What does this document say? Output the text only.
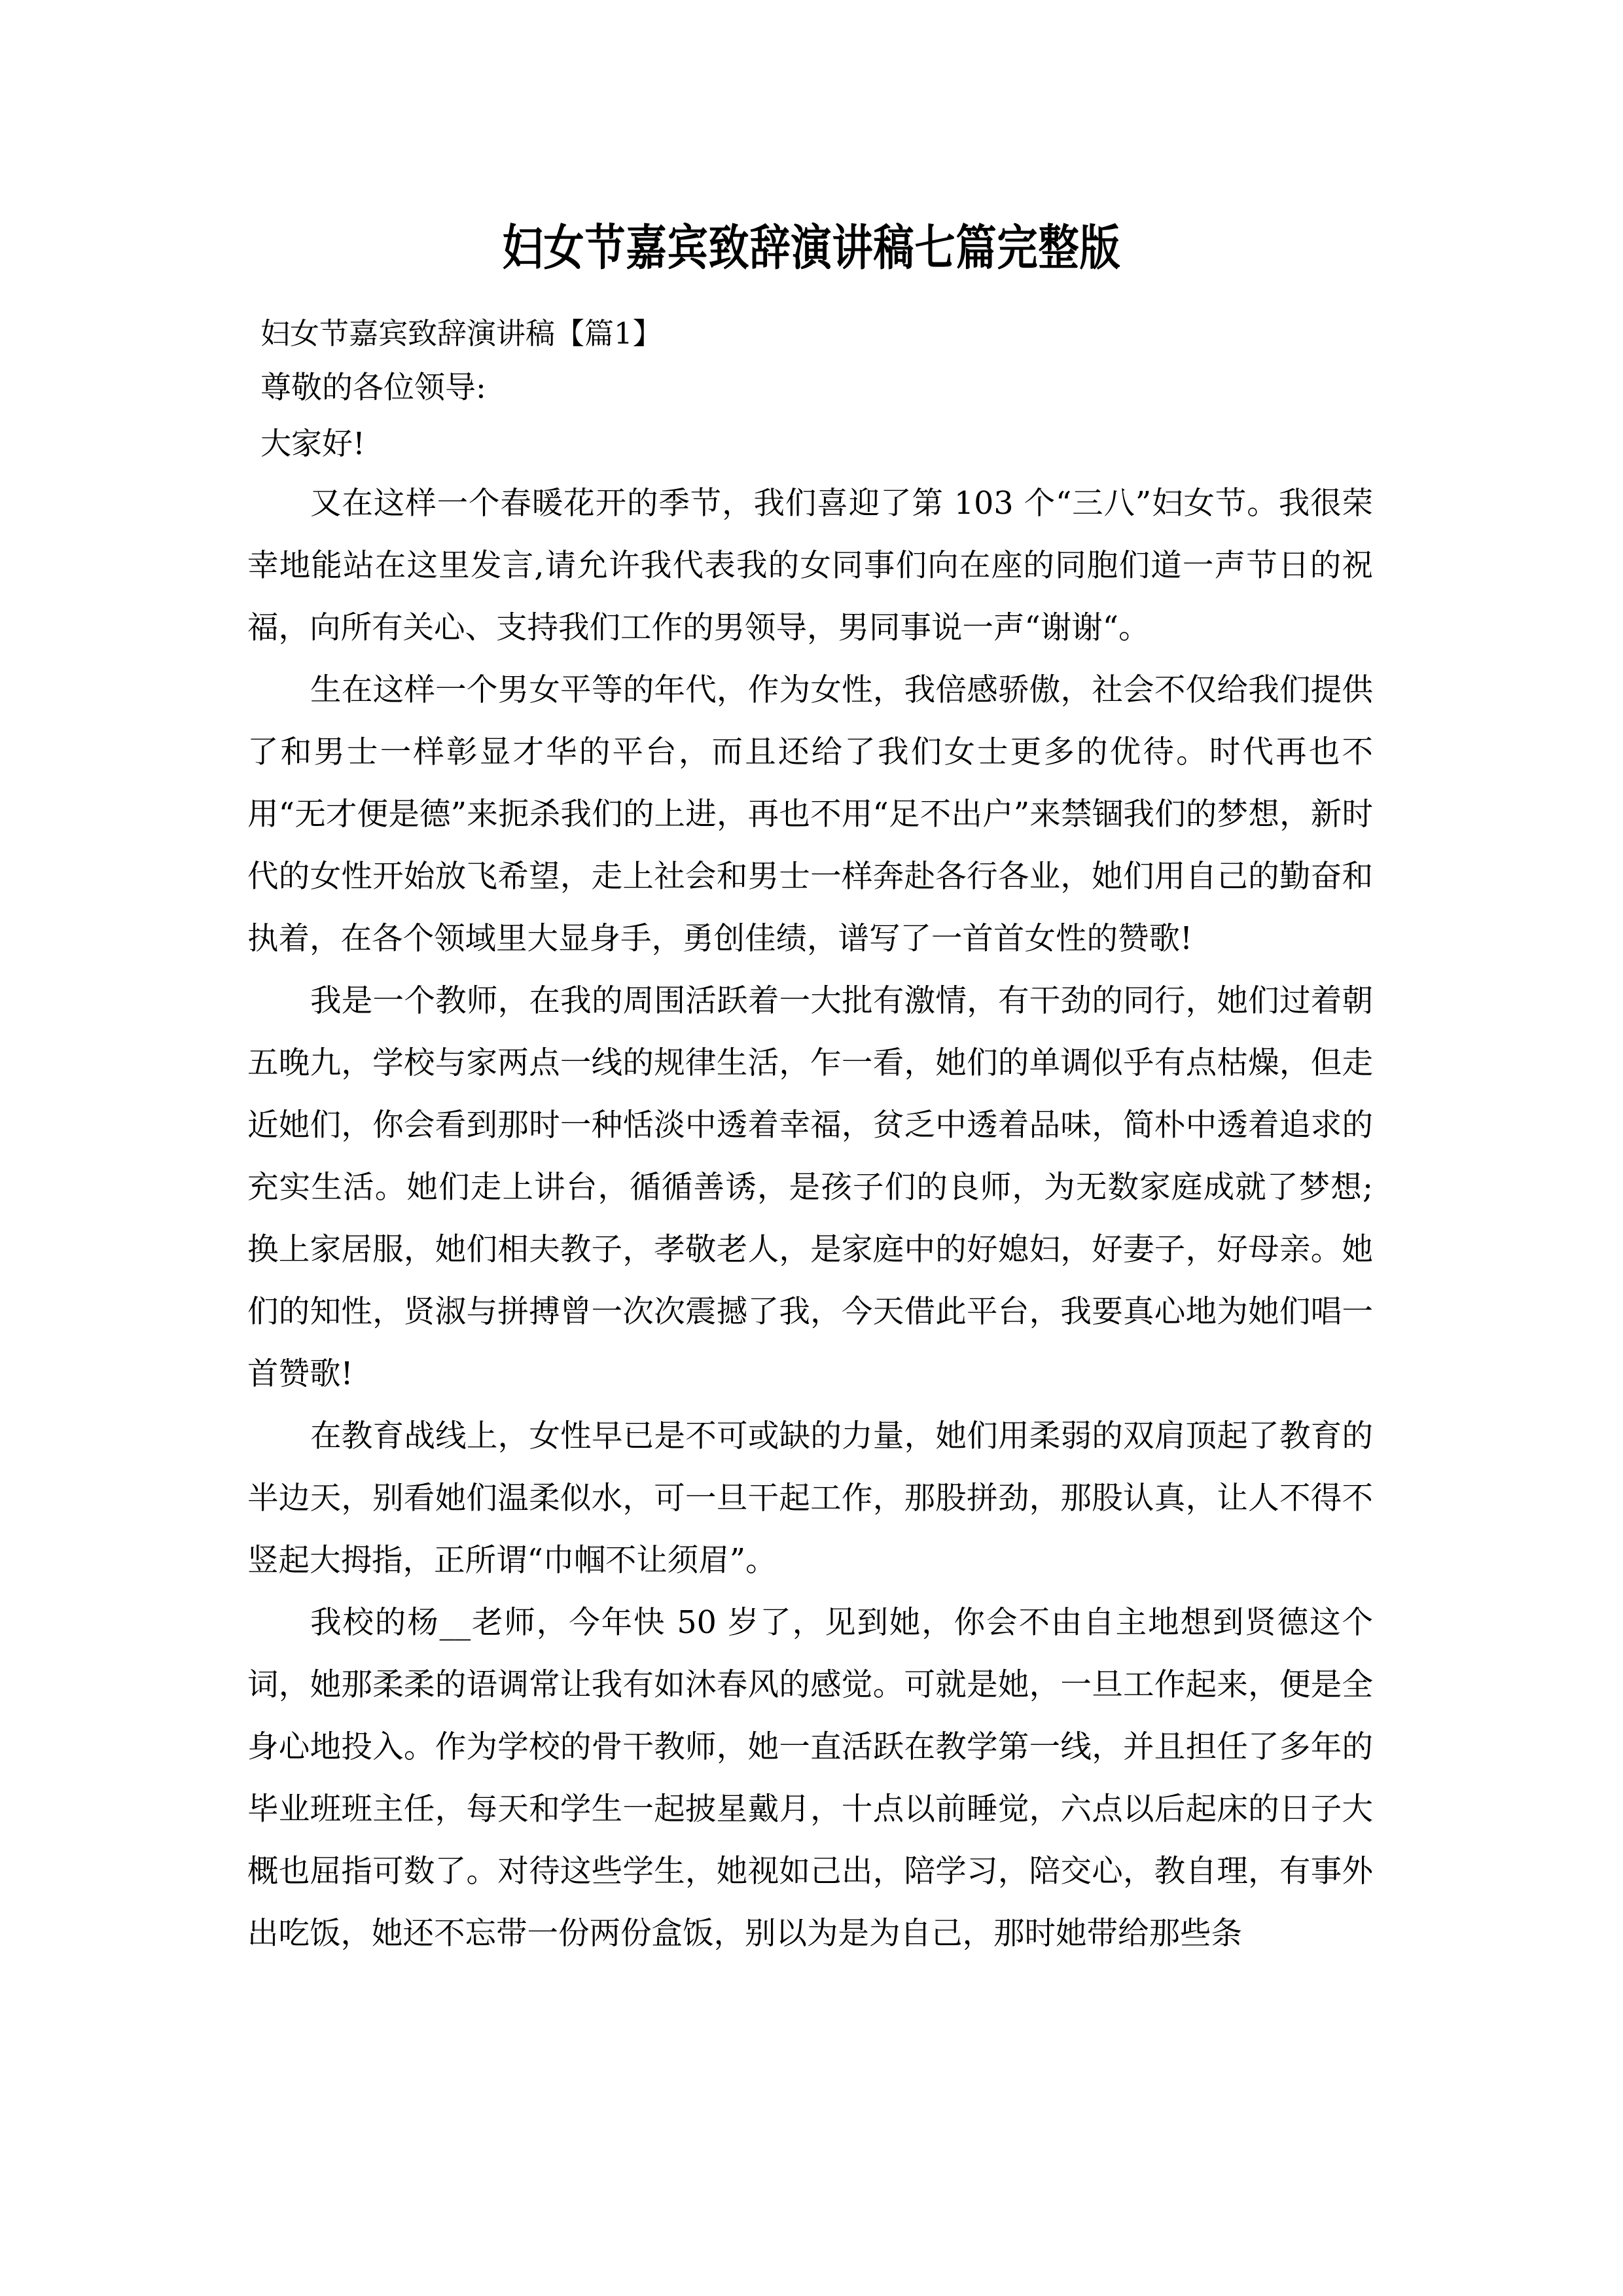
妇女节嘉宾致辞演讲稿七篇完整版

妇女节嘉宾致辞演讲稿【篇1】

尊敬的各位领导:

大家好!

又在这样一个春暖花开的季节，我们喜迎了第 103 个“三八”妇女节。我很荣幸地能站在这里发言,请允许我代表我的女同事们向在座的同胞们道一声节日的祝福，向所有关心、支持我们工作的男领导，男同事说一声“谢谢“。

生在这样一个男女平等的年代，作为女性，我倍感骄傲，社会不仅给我们提供了和男士一样彰显才华的平台，而且还给了我们女士更多的优待。时代再也不用“无才便是德”来扼杀我们的上进，再也不用“足不出户”来禁锢我们的梦想，新时代的女性开始放飞希望，走上社会和男士一样奔赴各行各业，她们用自己的勤奋和执着，在各个领域里大显身手，勇创佳绩，谱写了一首首女性的赞歌!

我是一个教师，在我的周围活跃着一大批有激情，有干劲的同行，她们过着朝五晚九，学校与家两点一线的规律生活，乍一看，她们的单调似乎有点枯燥，但走近她们，你会看到那时一种恬淡中透着幸福，贫乏中透着品味，简朴中透着追求的充实生活。她们走上讲台，循循善诱，是孩子们的良师，为无数家庭成就了梦想;换上家居服，她们相夫教子，孝敬老人，是家庭中的好媳妇，好妻子，好母亲。她们的知性，贤淑与拼搏曾一次次震撼了我，今天借此平台，我要真心地为她们唱一首赞歌!

在教育战线上，女性早已是不可或缺的力量，她们用柔弱的双肩顶起了教育的半边天，别看她们温柔似水，可一旦干起工作，那股拼劲，那股认真，让人不得不竖起大拇指，正所谓“巾帼不让须眉”。

我校的杨__老师，今年快 50 岁了，见到她，你会不由自主地想到贤德这个词，她那柔柔的语调常让我有如沐春风的感觉。可就是她，一旦工作起来，便是全身心地投入。作为学校的骨干教师，她一直活跃在教学第一线，并且担任了多年的毕业班班主任，每天和学生一起披星戴月，十点以前睡觉，六点以后起床的日子大概也屈指可数了。对待这些学生，她视如己出，陪学习，陪交心，教自理，有事外出吃饭，她还不忘带一份两份盒饭，别以为是为自己，那时她带给那些条
